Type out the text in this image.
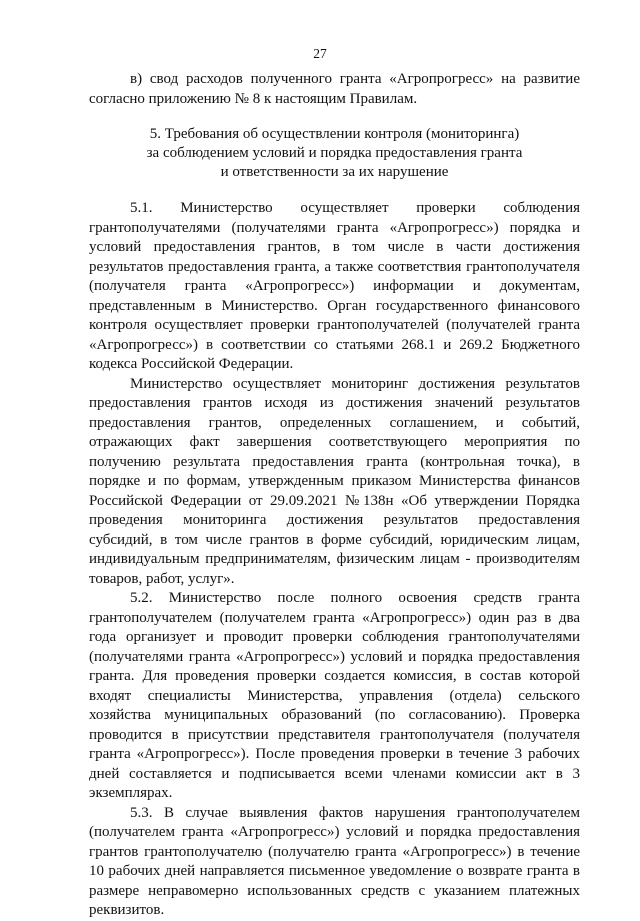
27

в) свод расходов полученного гранта «Агропрогресс» на развитие согласно приложению № 8 к настоящим Правилам.

5. Требования об осуществлении контроля (мониторинга)
за соблюдением условий и порядка предоставления гранта
и ответственности за их нарушение

5.1. Министерство осуществляет проверки соблюдения грантополучателями (получателями гранта «Агропрогресс») порядка и условий предоставления грантов, в том числе в части достижения результатов предоставления гранта, а также соответствия грантополучателя (получателя гранта «Агропрогресс») информации и документам, представленным в Министерство. Орган государственного финансового контроля осуществляет проверки грантополучателей (получателей гранта «Агропрогресс») в соответствии со статьями 268.1 и 269.2 Бюджетного кодекса Российской Федерации.

Министерство осуществляет мониторинг достижения результатов предоставления грантов исходя из достижения значений результатов предоставления грантов, определенных соглашением, и событий, отражающих факт завершения соответствующего мероприятия по получению результата предоставления гранта (контрольная точка), в порядке и по формам, утвержденным приказом Министерства финансов Российской Федерации от 29.09.2021 №138н «Об утверждении Порядка проведения мониторинга достижения результатов предоставления субсидий, в том числе грантов в форме субсидий, юридическим лицам, индивидуальным предпринимателям, физическим лицам - производителям товаров, работ, услуг».

5.2. Министерство после полного освоения средств гранта грантополучателем (получателем гранта «Агропрогресс») один раз в два года организует и проводит проверки соблюдения грантополучателями (получателями гранта «Агропрогресс») условий и порядка предоставления гранта. Для проведения проверки создается комиссия, в состав которой входят специалисты Министерства, управления (отдела) сельского хозяйства муниципальных образований (по согласованию). Проверка проводится в присутствии представителя грантополучателя (получателя гранта «Агропрогресс»). После проведения проверки в течение 3 рабочих дней составляется и подписывается всеми членами комиссии акт в 3 экземплярах.

5.3. В случае выявления фактов нарушения грантополучателем (получателем гранта «Агропрогресс») условий и порядка предоставления грантов грантополучателю (получателю гранта «Агропрогресс») в течение 10 рабочих дней направляется письменное уведомление о возврате гранта в размере неправомерно использованных средств с указанием платежных реквизитов.
